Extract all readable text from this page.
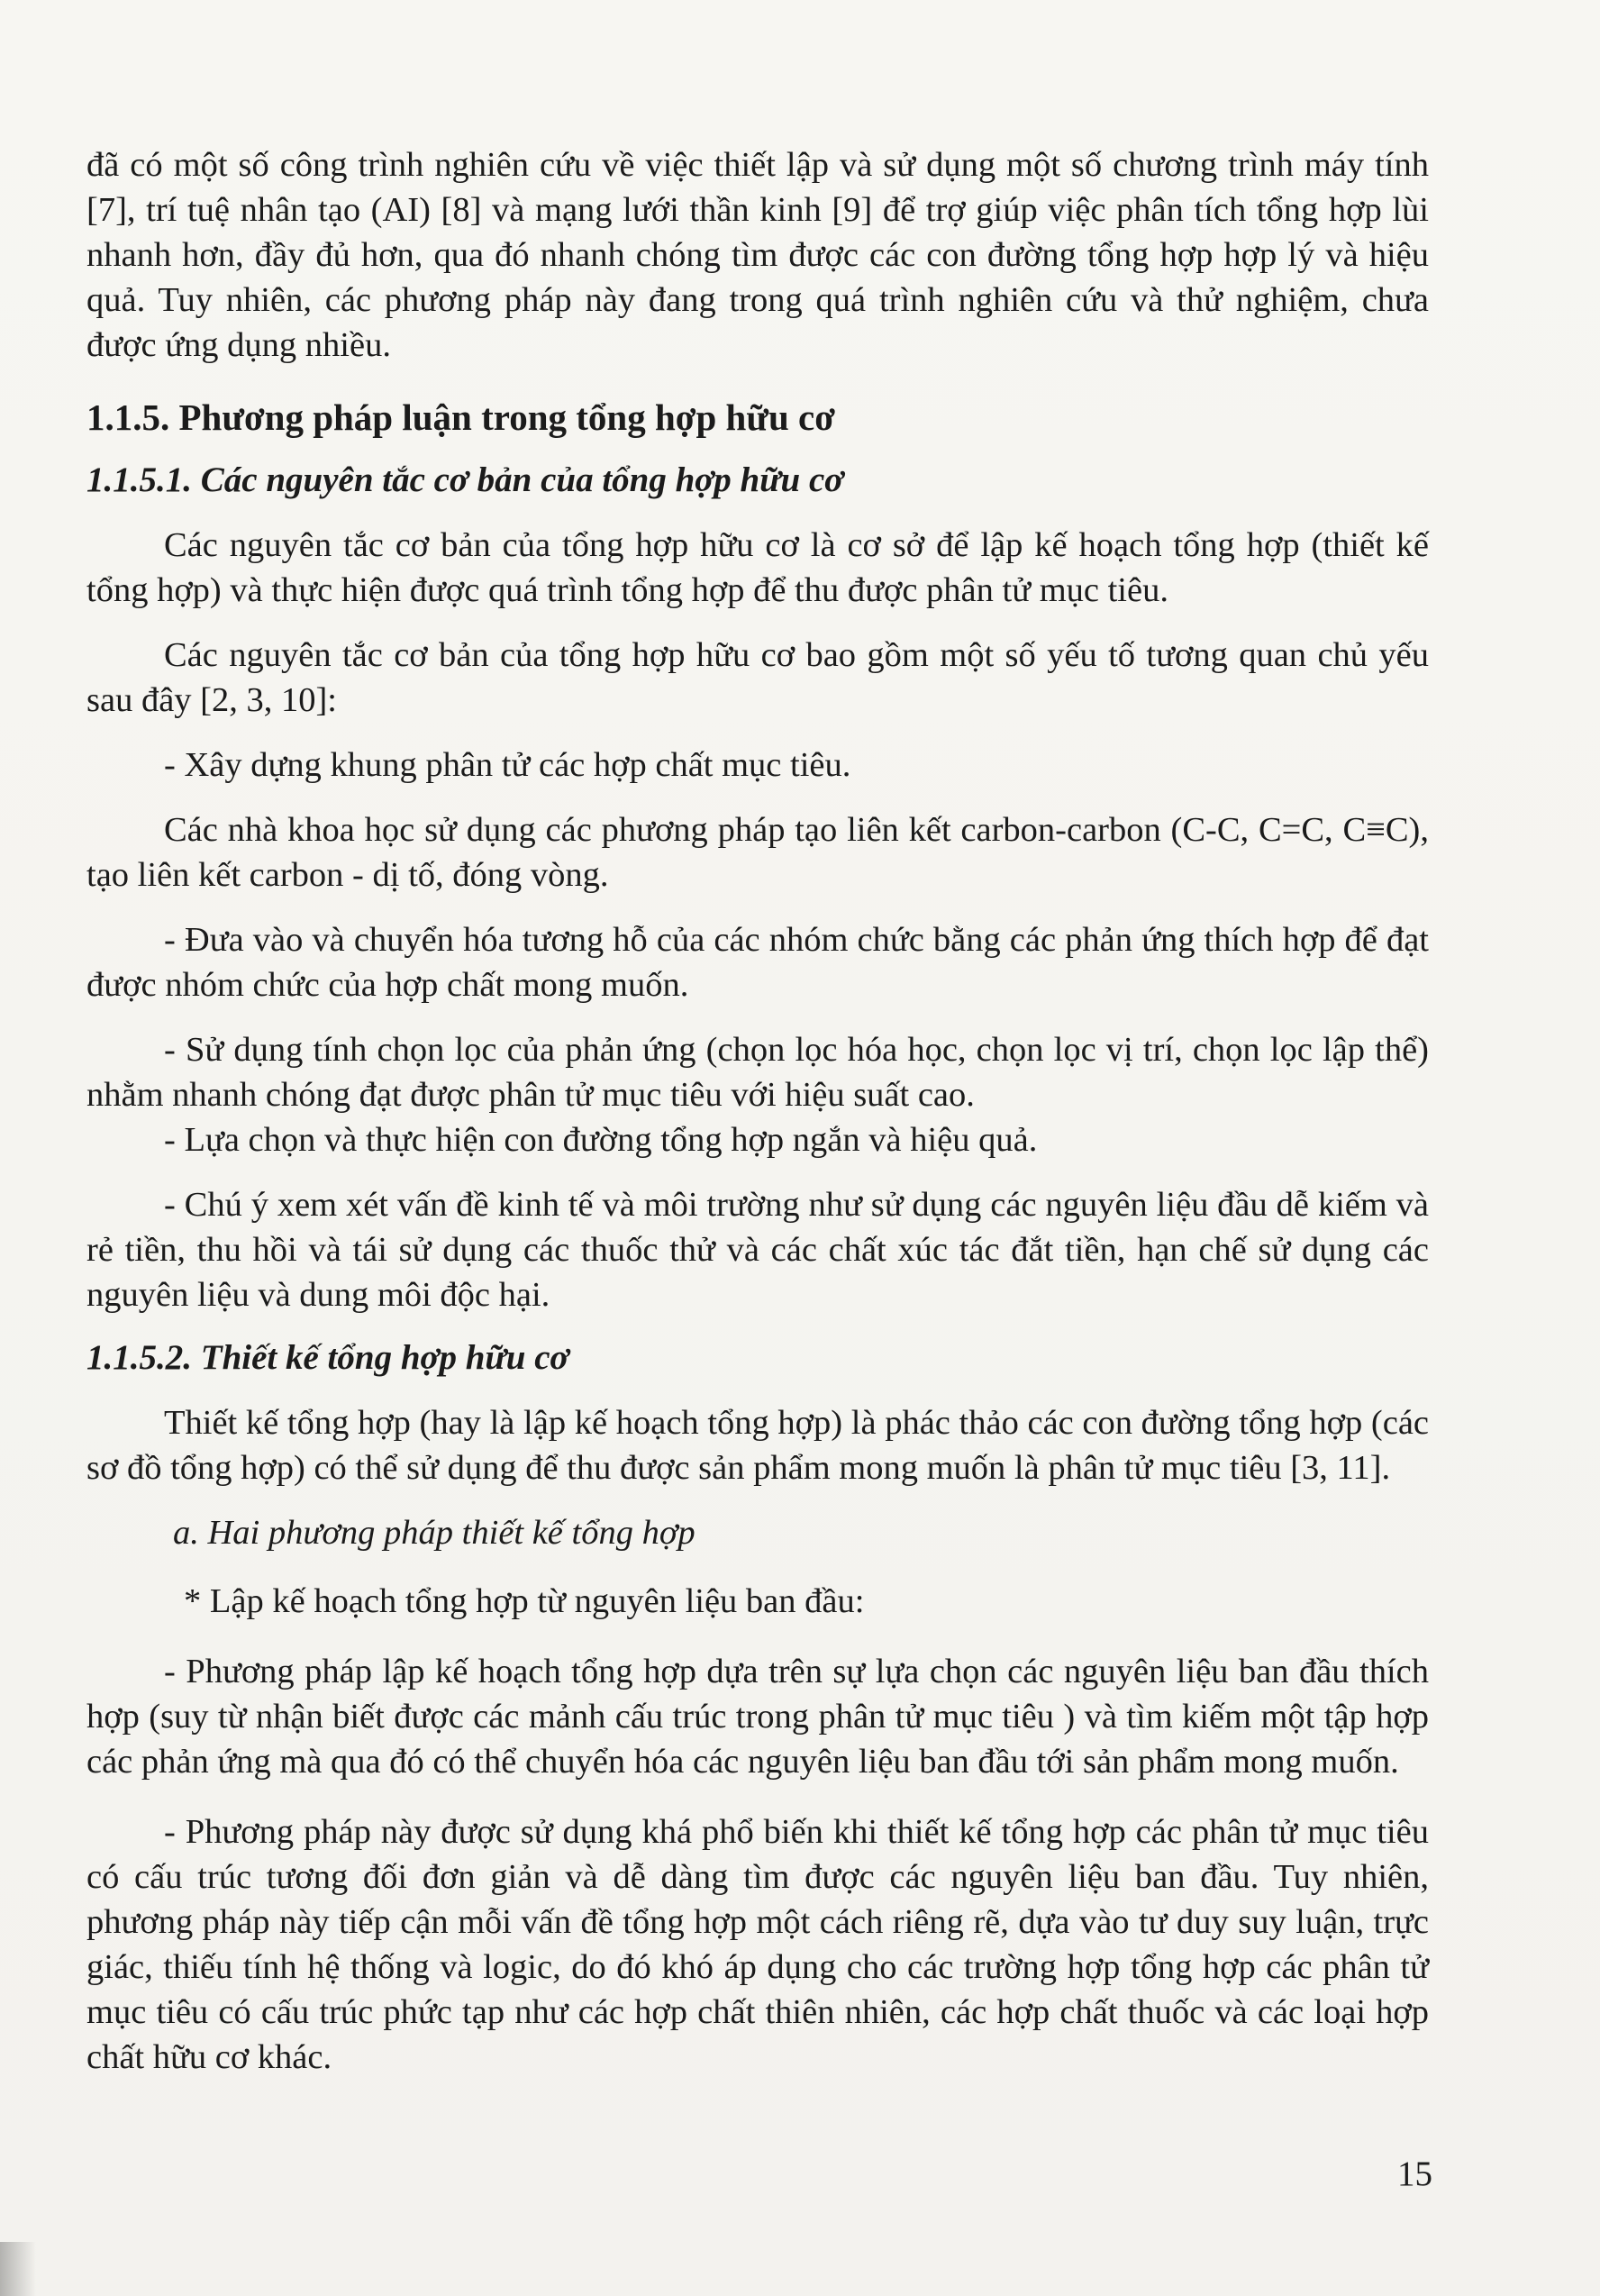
đã có một số công trình nghiên cứu về việc thiết lập và sử dụng một số chương trình máy tính [7], trí tuệ nhân tạo (AI) [8] và mạng lưới thần kinh [9] để trợ giúp việc phân tích tổng hợp lùi nhanh hơn, đầy đủ hơn, qua đó nhanh chóng tìm được các con đường tổng hợp hợp lý và hiệu quả. Tuy nhiên, các phương pháp này đang trong quá trình nghiên cứu và thử nghiệm, chưa được ứng dụng nhiều.

1.1.5. Phương pháp luận trong tổng hợp hữu cơ
1.1.5.1. Các nguyên tắc cơ bản của tổng hợp hữu cơ

Các nguyên tắc cơ bản của tổng hợp hữu cơ là cơ sở để lập kế hoạch tổng hợp (thiết kế tổng hợp) và thực hiện được quá trình tổng hợp để thu được phân tử mục tiêu.

Các nguyên tắc cơ bản của tổng hợp hữu cơ bao gồm một số yếu tố tương quan chủ yếu sau đây [2, 3, 10]:

- Xây dựng khung phân tử các hợp chất mục tiêu.

Các nhà khoa học sử dụng các phương pháp tạo liên kết carbon-carbon (C-C, C=C, C≡C), tạo liên kết carbon - dị tố, đóng vòng.

- Đưa vào và chuyển hóa tương hỗ của các nhóm chức bằng các phản ứng thích hợp để đạt được nhóm chức của hợp chất mong muốn.

- Sử dụng tính chọn lọc của phản ứng (chọn lọc hóa học, chọn lọc vị trí, chọn lọc lập thể) nhằm nhanh chóng đạt được phân tử mục tiêu với hiệu suất cao.

- Lựa chọn và thực hiện con đường tổng hợp ngắn và hiệu quả.

- Chú ý xem xét vấn đề kinh tế và môi trường như sử dụng các nguyên liệu đầu dễ kiếm và rẻ tiền, thu hồi và tái sử dụng các thuốc thử và các chất xúc tác đắt tiền, hạn chế sử dụng các nguyên liệu và dung môi độc hại.

1.1.5.2. Thiết kế tổng hợp hữu cơ

Thiết kế tổng hợp (hay là lập kế hoạch tổng hợp) là phác thảo các con đường tổng hợp (các sơ đồ tổng hợp) có thể sử dụng để thu được sản phẩm mong muốn là phân tử mục tiêu [3, 11].

a. Hai phương pháp thiết kế tổng hợp

* Lập kế hoạch tổng hợp từ nguyên liệu ban đầu:

- Phương pháp lập kế hoạch tổng hợp dựa trên sự lựa chọn các nguyên liệu ban đầu thích hợp (suy từ nhận biết được các mảnh cấu trúc trong phân tử mục tiêu ) và tìm kiếm một tập hợp các phản ứng mà qua đó có thể chuyển hóa các nguyên liệu ban đầu tới sản phẩm mong muốn.

- Phương pháp này được sử dụng khá phổ biến khi thiết kế tổng hợp các phân tử mục tiêu có cấu trúc tương đối đơn giản và dễ dàng tìm được các nguyên liệu ban đầu. Tuy nhiên, phương pháp này tiếp cận mỗi vấn đề tổng hợp một cách riêng rẽ, dựa vào tư duy suy luận, trực giác, thiếu tính hệ thống và logic, do đó khó áp dụng cho các trường hợp tổng hợp các phân tử mục tiêu có cấu trúc phức tạp như các hợp chất thiên nhiên, các hợp chất thuốc và các loại hợp chất hữu cơ khác.

15
